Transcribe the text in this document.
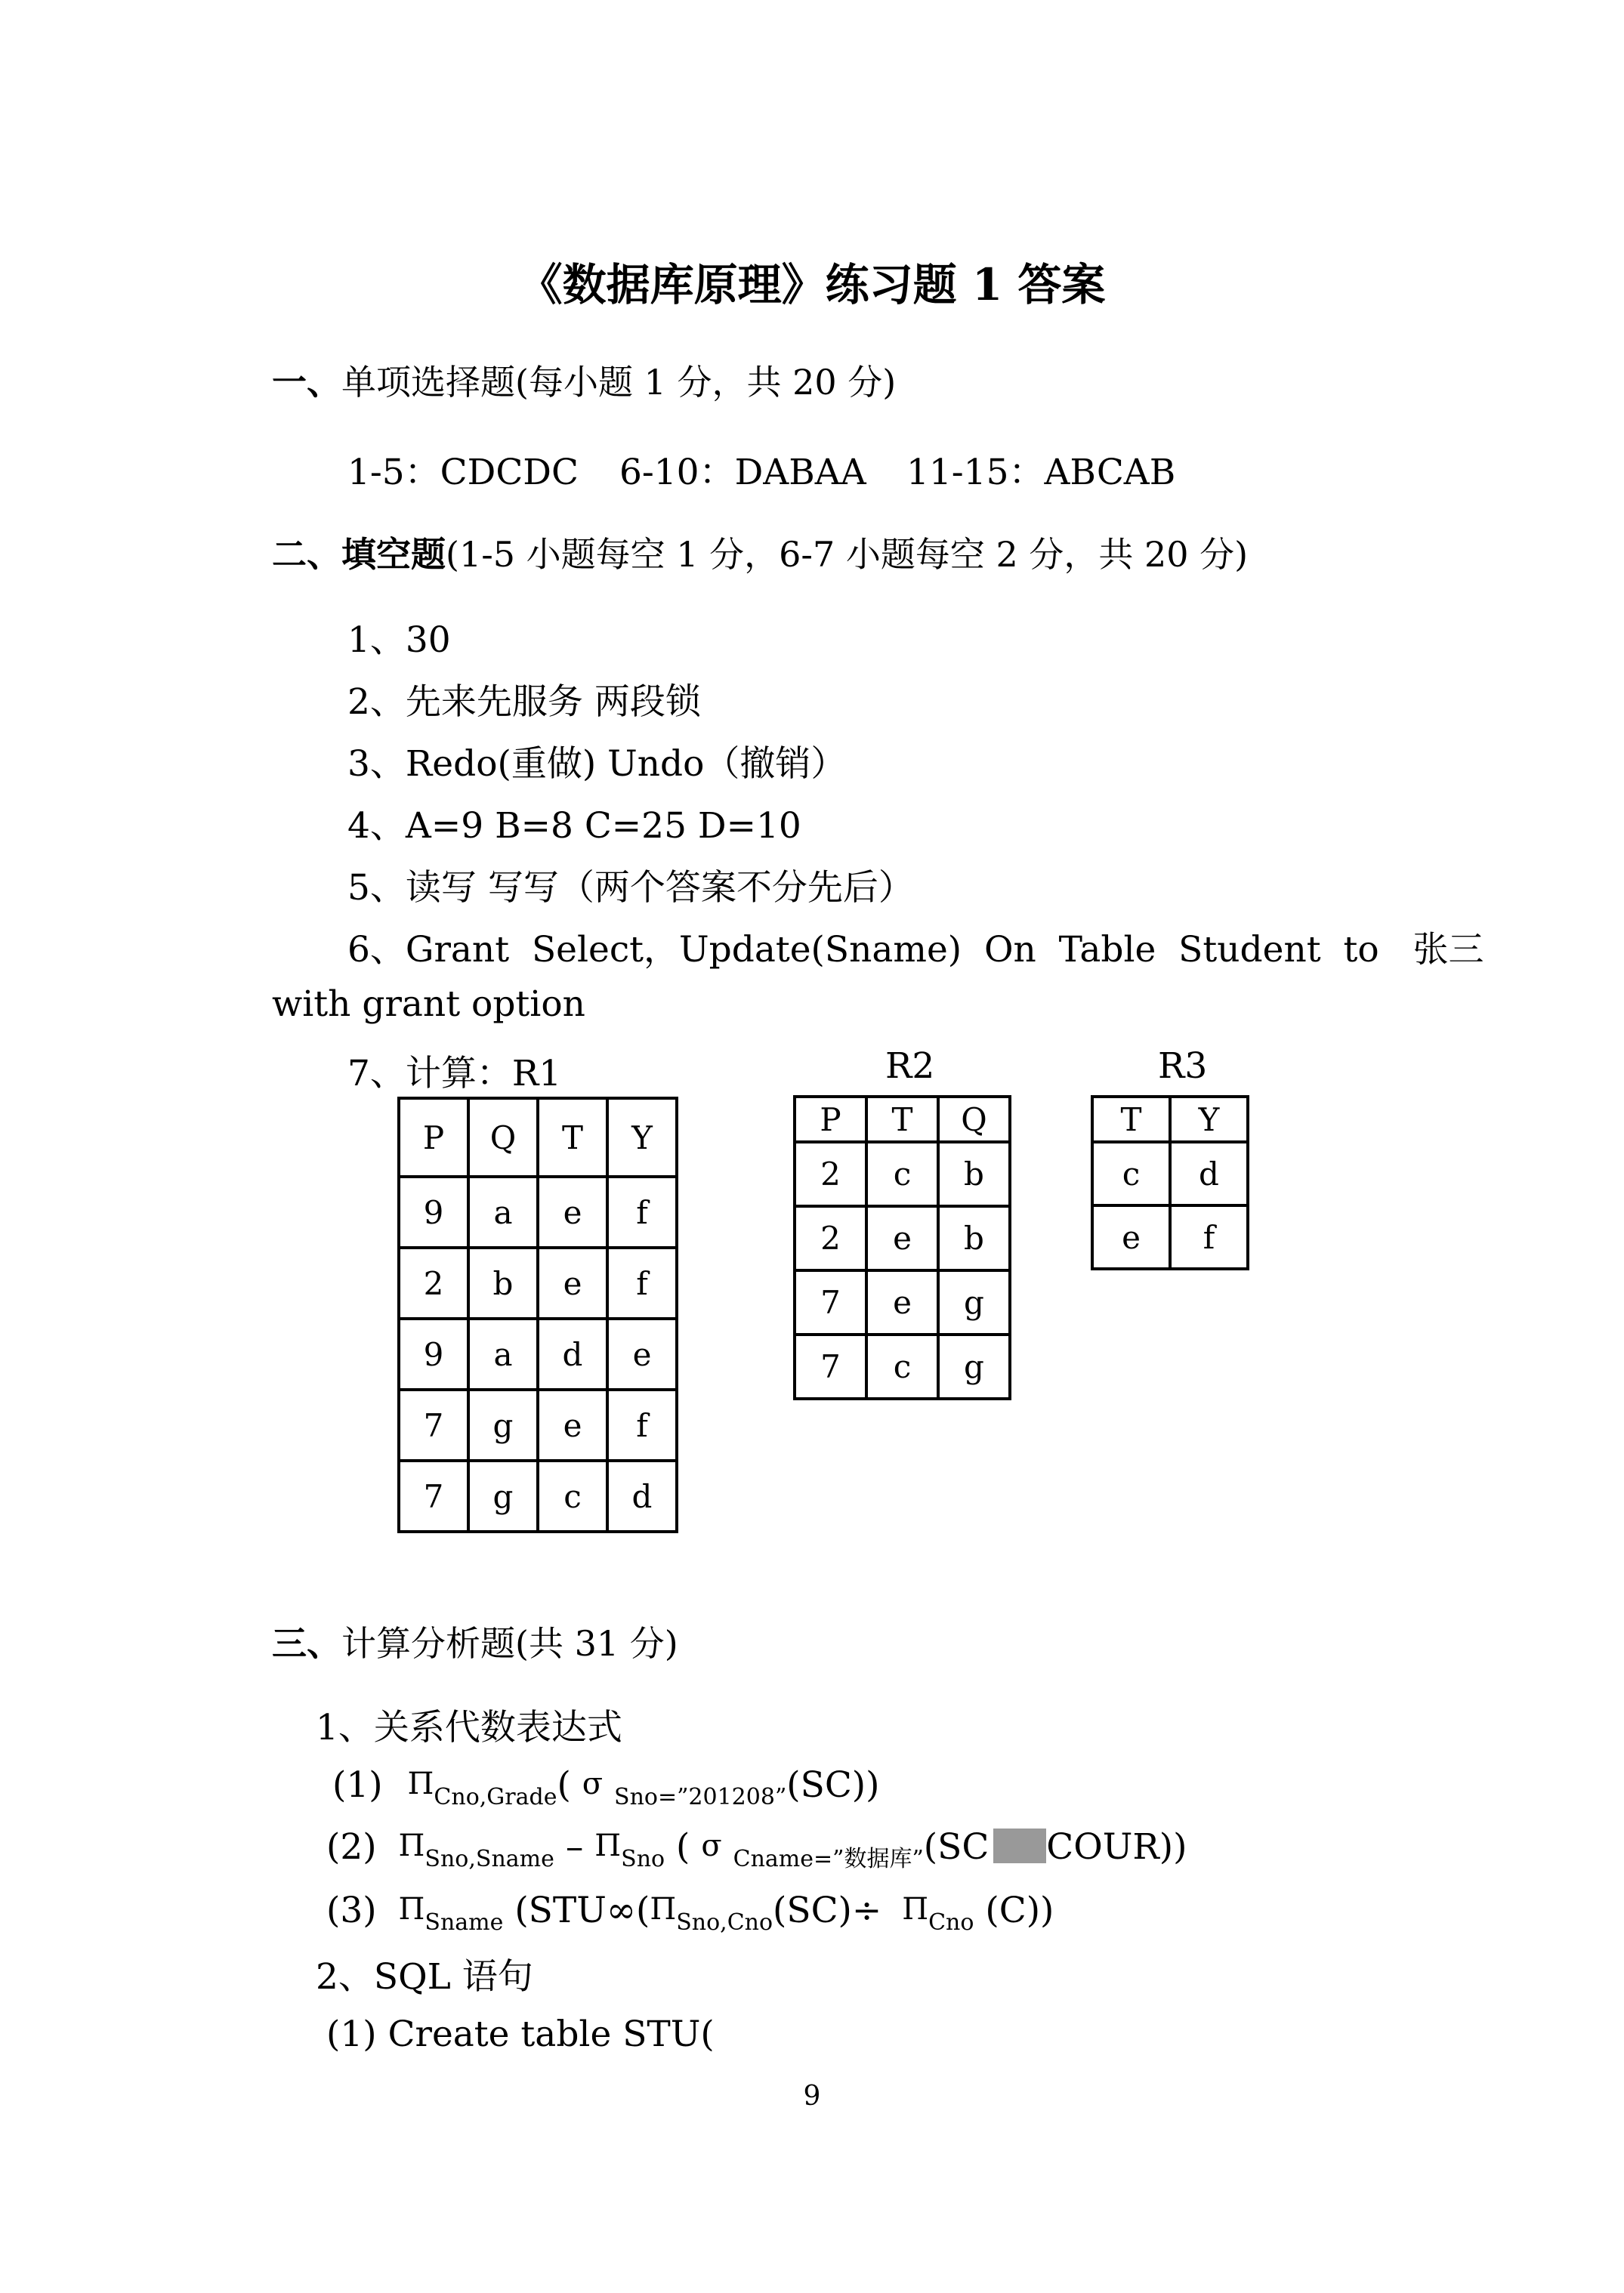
《数据库原理》练习题 1 答案
一、单项选择题(每小题 1 分，共 20 分)
1-5：CDCDC 6-10：DABAA 11-15：ABCAB
二、填空题(1-5 小题每空 1 分，6-7 小题每空 2 分，共 20 分)
1、30
2、先来先服务 两段锁
3、Redo(重做) Undo（撤销）
4、A=9 B=8 C=25 D=10
5、读写 写写（两个答案不分先后）
6、Grant  Select，Update(Sname)  On  Table  Student  to   张三
with grant option
7、计算：R1	R2	R3
P	Q	T	Y
9	a	e	f
2	b	e	f
9	a	d	e
7	g	e	f
7	g	c	d
P	T	Q
2	c	b
2	e	b
7	e	g
7	c	g
T	Y
c	d
e	f
三、计算分析题(共 31 分)
1、关系代数表达式
(1) $\Pi_{Cno,Grade}$( σ $_{Sno=”201208”}$(SC))
(2) $\Pi_{Sno,Sname} - \Pi_{Sno}$ ( σ $_{Cname=”数据库”}$(SC COUR))
(3) $\Pi_{Sname}$ ($STU\infty(\Pi_{Sno,Cno}(SC)\div \Pi_{Cno}$ (C))
2、SQL 语句
(1) Create table STU(
9
